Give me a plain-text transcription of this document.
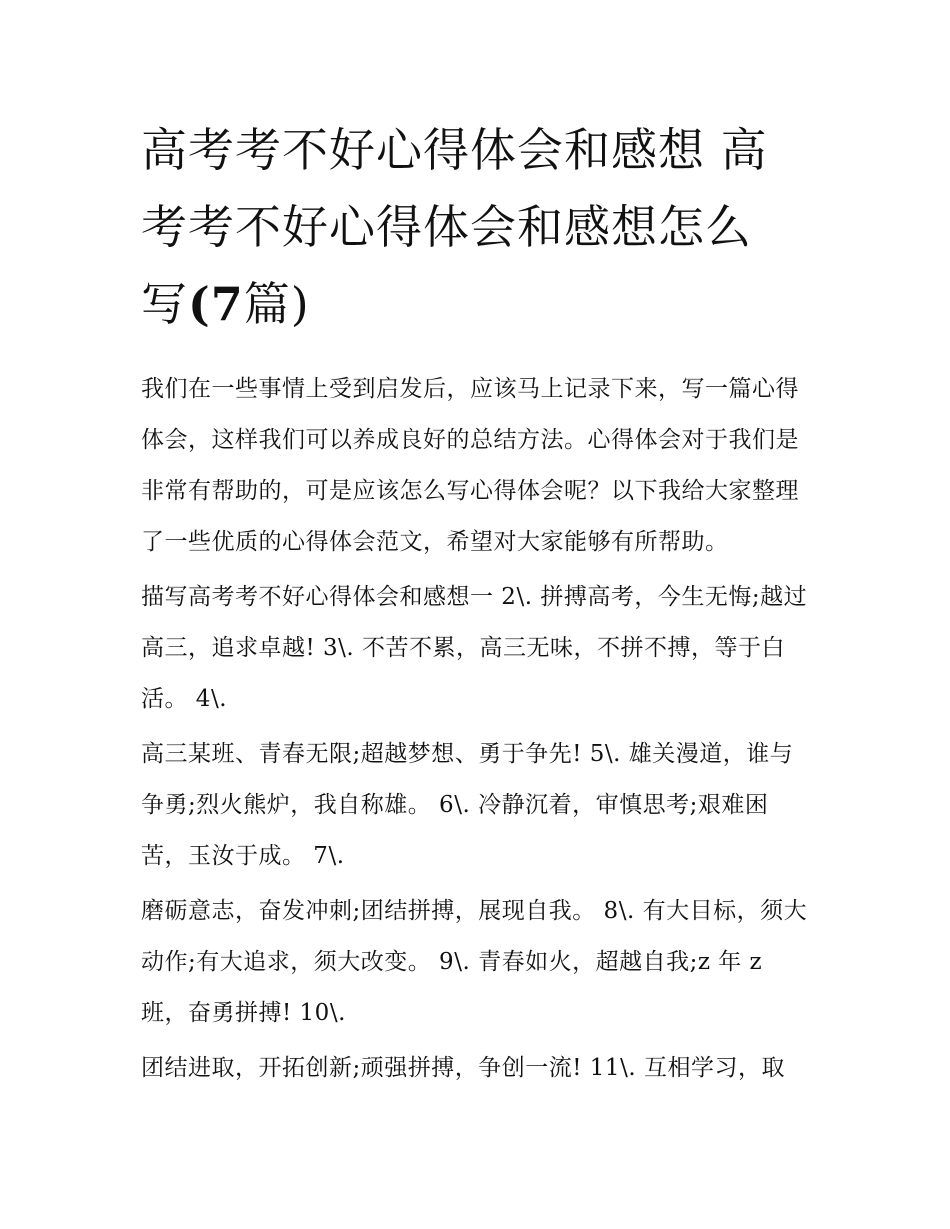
高考考不好心得体会和感想 高
考考不好心得体会和感想怎么
写(7篇)

我们在一些事情上受到启发后，应该马上记录下来，写一篇心得体会，这样我们可以养成良好的总结方法。心得体会对于我们是非常有帮助的，可是应该怎么写心得体会呢？以下我给大家整理了一些优质的心得体会范文，希望对大家能够有所帮助。

描写高考考不好心得体会和感想一 2\. 拼搏高考，今生无悔;越过高三，追求卓越! 3\. 不苦不累，高三无味，不拼不搏，等于白活。 4\.

高三某班、青春无限;超越梦想、勇于争先! 5\. 雄关漫道，谁与争勇;烈火熊炉，我自称雄。 6\. 冷静沉着，审慎思考;艰难困苦，玉汝于成。 7\.

磨砺意志，奋发冲刺;团结拼搏，展现自我。 8\. 有大目标，须大动作;有大追求，须大改变。 9\. 青春如火，超越自我;z 年 z 班，奋勇拼搏! 10\.

团结进取，开拓创新;顽强拼搏，争创一流! 11\. 互相学习，取
